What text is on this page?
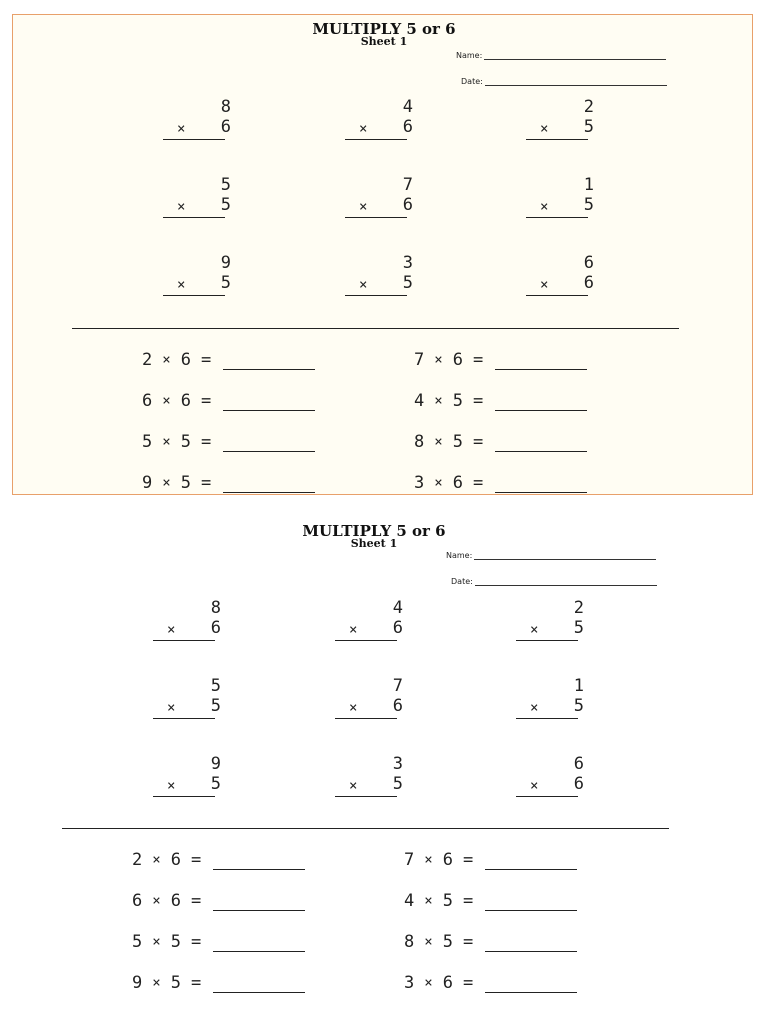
MULTIPLY 5 or 6
Sheet 1
Name:
Date:
8
× 6
4
× 6
2
× 5
5
× 5
7
× 6
1
× 5
9
× 5
3
× 5
6
× 6
2 × 6 =	7 × 6 =
6 × 6 =	4 × 5 =
5 × 5 =	8 × 5 =
9 × 5 =	3 × 6 =
MULTIPLY 5 or 6
Sheet 1
Name:
Date:
8
× 6
4
× 6
2
× 5
5
× 5
7
× 6
1
× 5
9
× 5
3
× 5
6
× 6
2 × 6 =	7 × 6 =
6 × 6 =	4 × 5 =
5 × 5 =	8 × 5 =
9 × 5 =	3 × 6 =
